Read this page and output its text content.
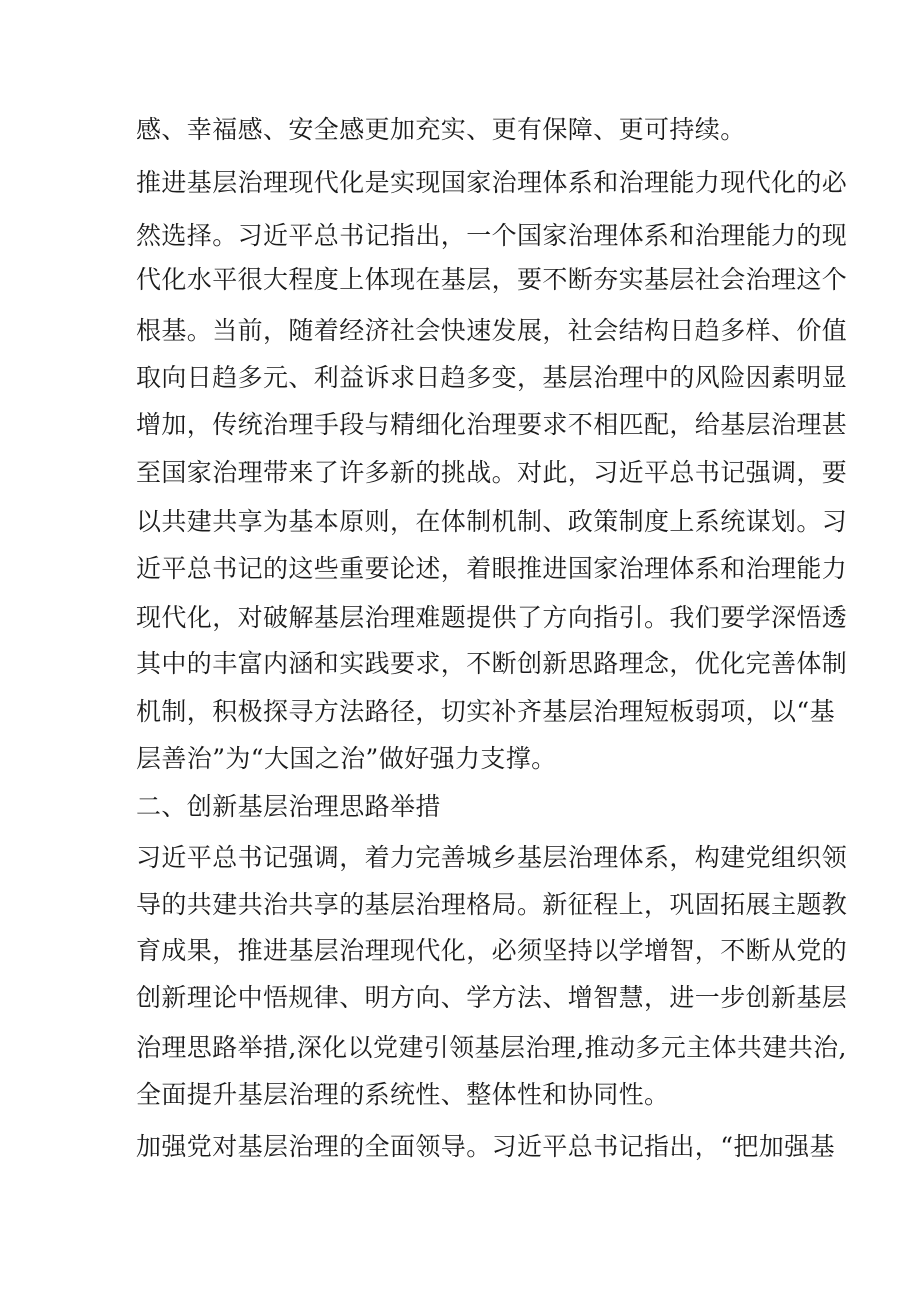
感、幸福感、安全感更加充实、更有保障、更可持续。
推进基层治理现代化是实现国家治理体系和治理能力现代化的必
然选择。习近平总书记指出，一个国家治理体系和治理能力的现
代化水平很大程度上体现在基层，要不断夯实基层社会治理这个
根基。当前，随着经济社会快速发展，社会结构日趋多样、价值
取向日趋多元、利益诉求日趋多变，基层治理中的风险因素明显
增加，传统治理手段与精细化治理要求不相匹配，给基层治理甚
至国家治理带来了许多新的挑战。对此，习近平总书记强调，要
以共建共享为基本原则，在体制机制、政策制度上系统谋划。习
近平总书记的这些重要论述，着眼推进国家治理体系和治理能力
现代化，对破解基层治理难题提供了方向指引。我们要学深悟透
其中的丰富内涵和实践要求，不断创新思路理念，优化完善体制
机制，积极探寻方法路径，切实补齐基层治理短板弱项，以“基
层善治”为“大国之治”做好强力支撑。
二、创新基层治理思路举措
习近平总书记强调，着力完善城乡基层治理体系，构建党组织领
导的共建共治共享的基层治理格局。新征程上，巩固拓展主题教
育成果，推进基层治理现代化，必须坚持以学增智，不断从党的
创新理论中悟规律、明方向、学方法、增智慧，进一步创新基层
治理思路举措,深化以党建引领基层治理,推动多元主体共建共治,
全面提升基层治理的系统性、整体性和协同性。
加强党对基层治理的全面领导。习近平总书记指出，“把加强基
